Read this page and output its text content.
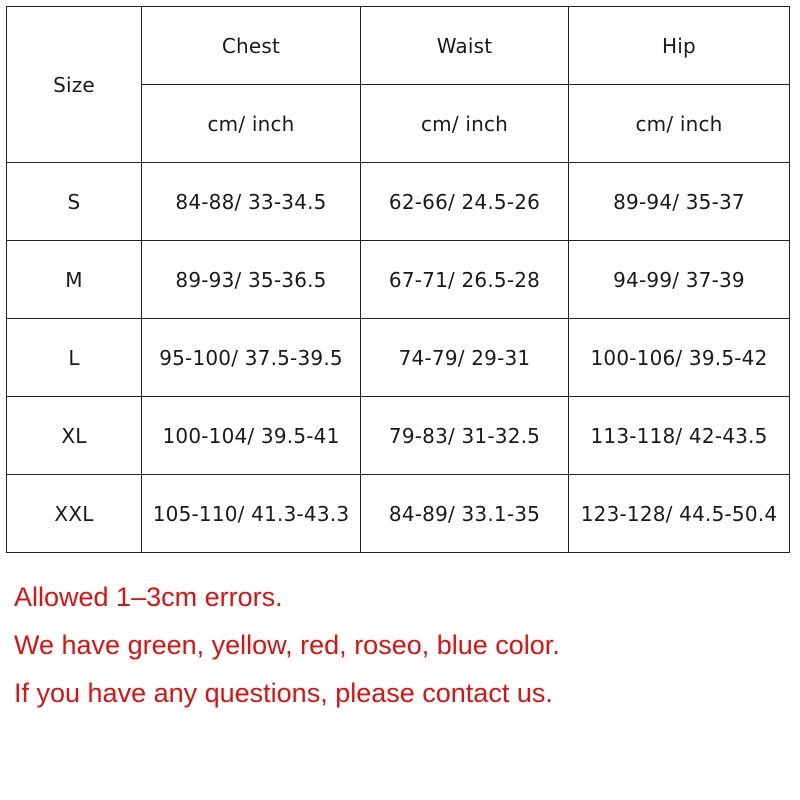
Size	Chest	Waist	Hip
	cm/ inch	cm/ inch	cm/ inch
S	84-88/ 33-34.5	62-66/ 24.5-26	89-94/ 35-37
M	89-93/ 35-36.5	67-71/ 26.5-28	94-99/ 37-39
L	95-100/ 37.5-39.5	74-79/ 29-31	100-106/ 39.5-42
XL	100-104/ 39.5-41	79-83/ 31-32.5	113-118/ 42-43.5
XXL	105-110/ 41.3-43.3	84-89/ 33.1-35	123-128/ 44.5-50.4
Allowed 1–3cm errors.
We have green, yellow, red, roseo, blue color.
If you have any questions, please contact us.
